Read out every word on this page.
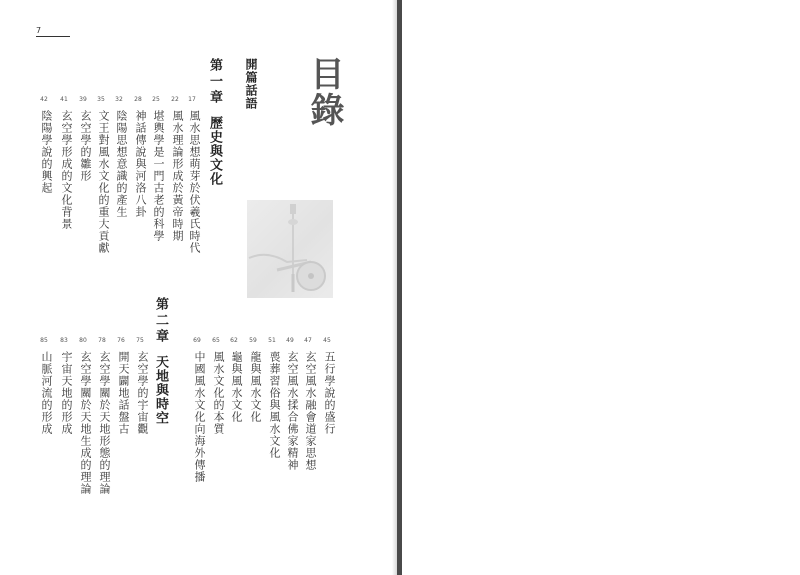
7
目錄
開篇話語
第一章歷史與文化
第二章天地與時空
17
風水思想萌芽於伏羲氏時代
22
風水理論形成於黃帝時期
25
堪輿學是一門古老的科學
28
神話傳說與河洛八卦
32
陰陽思想意識的產生
35
文王對風水文化的重大貢獻
39
玄空學的雛形
41
玄空學形成的文化背景
42
陰陽學說的興起
45
五行學說的盛行
47
玄空風水融會道家思想
49
玄空風水揉合佛家精神
51
喪葬習俗與風水文化
59
龍與風水文化
62
龜與風水文化
65
風水文化的本質
69
中國風水文化向海外傳播
75
玄空學的宇宙觀
76
開天闢地話盤古
78
玄空學關於天地形態的理論
80
玄空學關於天地生成的理論
83
宇宙天地的形成
85
山脈河流的形成
